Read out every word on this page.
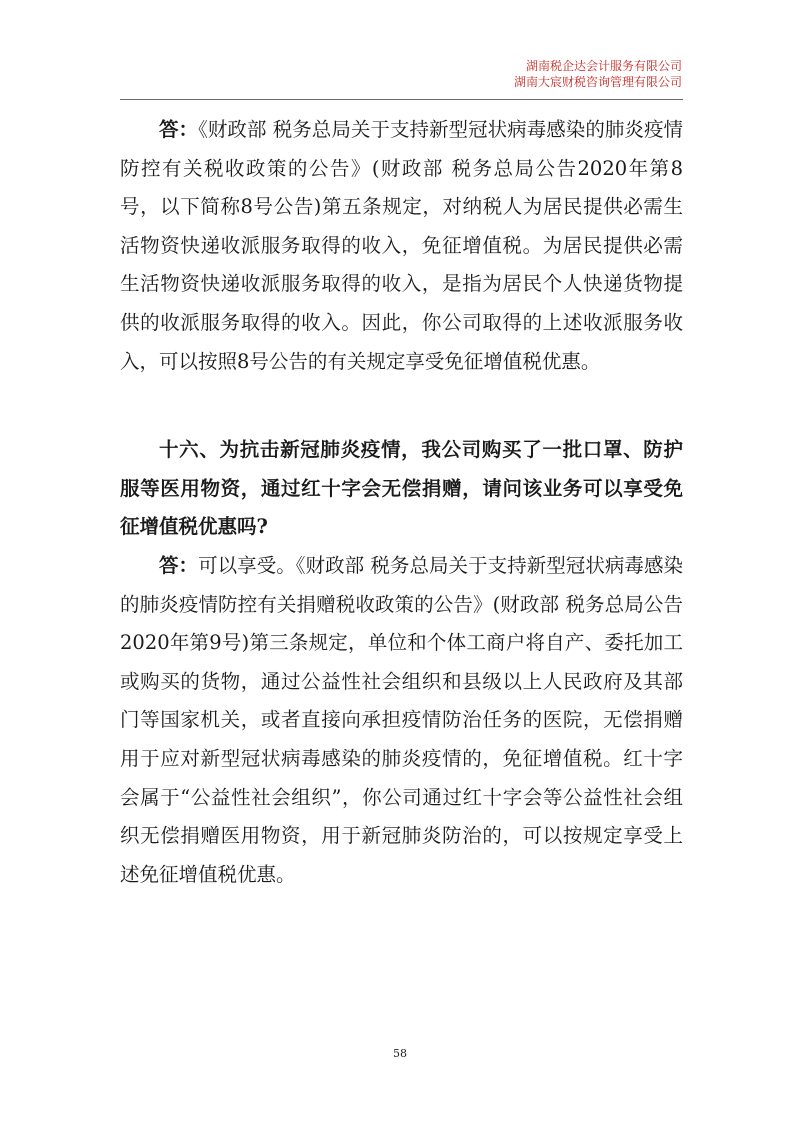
湖南税企达会计服务有限公司
湖南大宸财税咨询管理有限公司

答：《财政部 税务总局关于支持新型冠状病毒感染的肺炎疫情防控有关税收政策的公告》(财政部 税务总局公告2020年第8号，以下简称8号公告)第五条规定，对纳税人为居民提供必需生活物资快递收派服务取得的收入，免征增值税。为居民提供必需生活物资快递收派服务取得的收入，是指为居民个人快递货物提供的收派服务取得的收入。因此，你公司取得的上述收派服务收入，可以按照8号公告的有关规定享受免征增值税优惠。

十六、为抗击新冠肺炎疫情，我公司购买了一批口罩、防护服等医用物资，通过红十字会无偿捐赠，请问该业务可以享受免征增值税优惠吗?

答：可以享受。《财政部 税务总局关于支持新型冠状病毒感染的肺炎疫情防控有关捐赠税收政策的公告》(财政部 税务总局公告2020年第9号)第三条规定，单位和个体工商户将自产、委托加工或购买的货物，通过公益性社会组织和县级以上人民政府及其部门等国家机关，或者直接向承担疫情防治任务的医院，无偿捐赠用于应对新型冠状病毒感染的肺炎疫情的，免征增值税。红十字会属于“公益性社会组织”，你公司通过红十字会等公益性社会组织无偿捐赠医用物资，用于新冠肺炎防治的，可以按规定享受上述免征增值税优惠。

58
